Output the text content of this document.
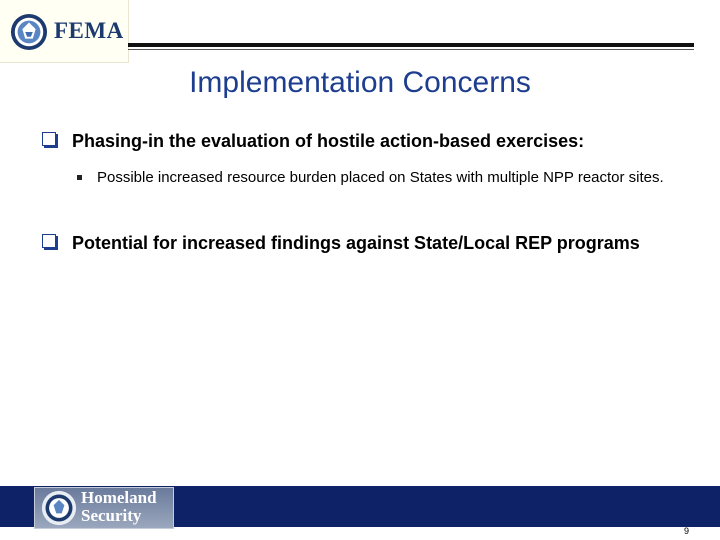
FEMA
Implementation Concerns
Phasing-in the evaluation of hostile action-based exercises:
Possible increased resource burden placed on States with multiple NPP reactor sites.
Potential for increased findings against State/Local REP programs
Homeland
Security
9
